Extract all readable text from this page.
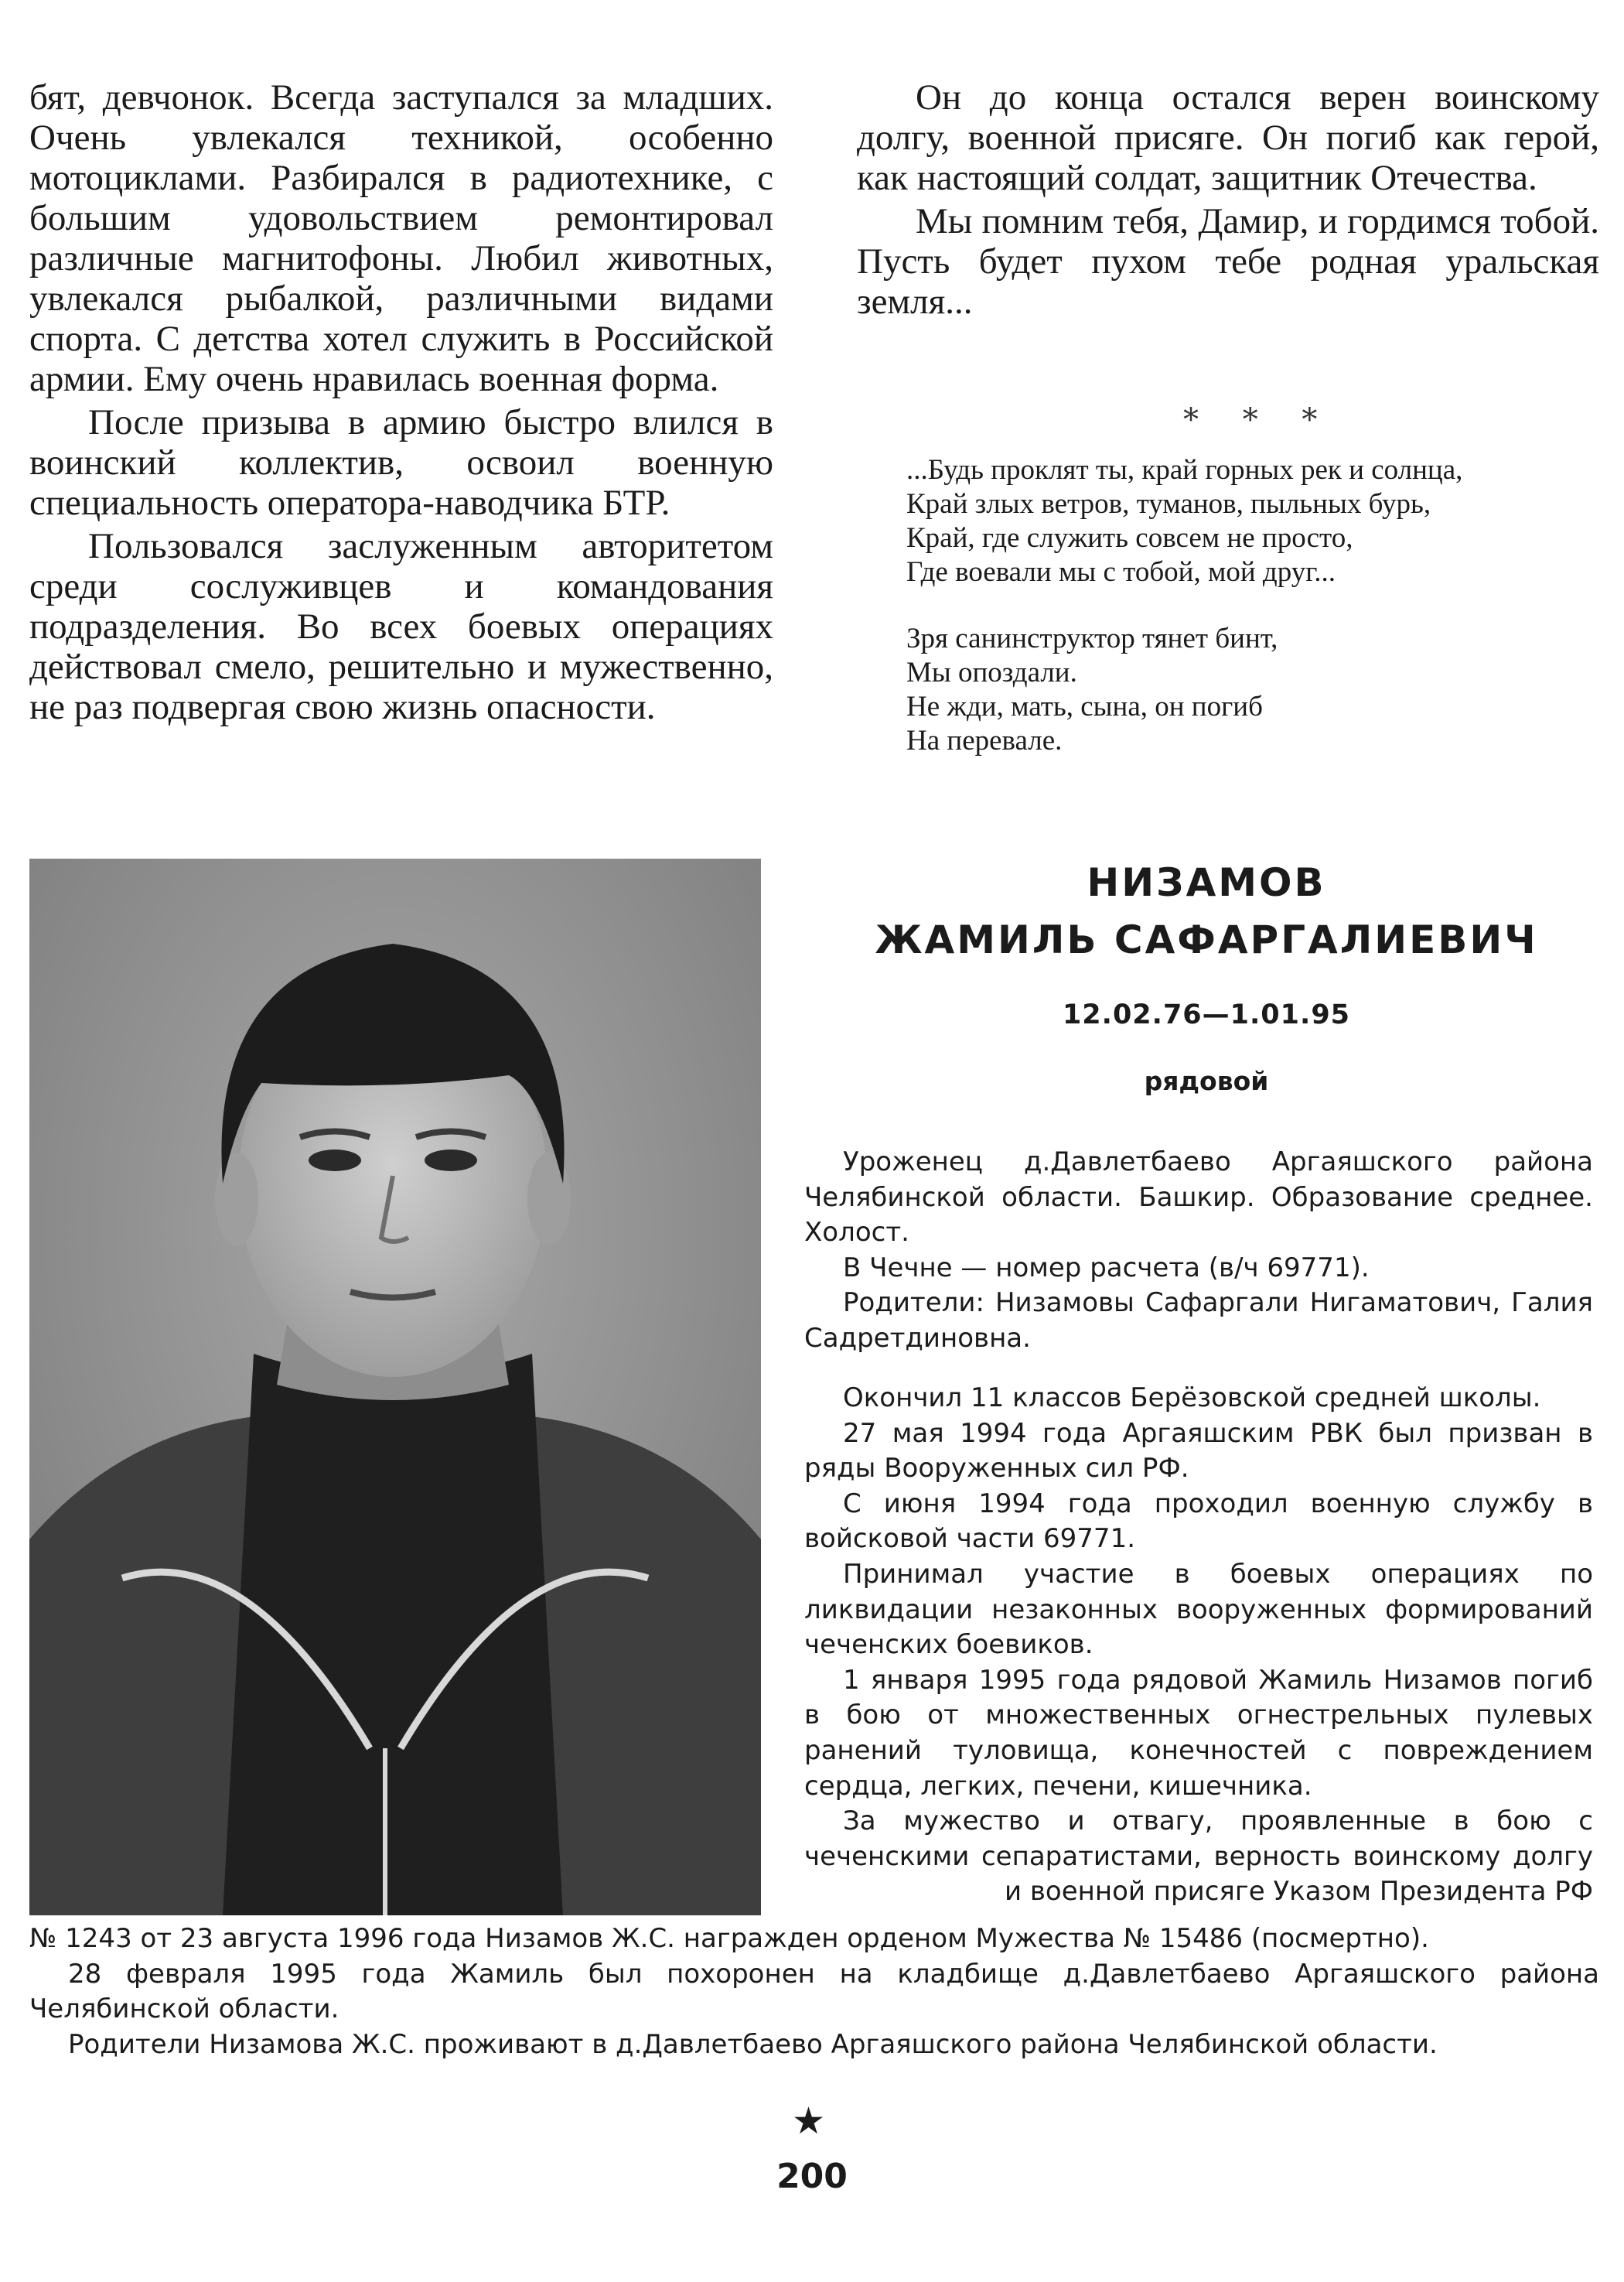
бят, девчонок. Всегда заступался за младших. Очень увлекался техникой, особенно мотоциклами. Разбирался в радиотехнике, с большим удовольствием ремонтировал различные магнитофоны. Любил животных, увлекался рыбалкой, различными видами спорта. С детства хотел служить в Российской армии. Ему очень нравилась военная форма.

После призыва в армию быстро влился в воинский коллектив, освоил военную специальность оператора-наводчика БТР.

Пользовался заслуженным авторитетом среди сослуживцев и командования подразделения. Во всех боевых операциях действовал смело, решительно и мужественно, не раз подвергая свою жизнь опасности.

Он до конца остался верен воинскому долгу, военной присяге. Он погиб как герой, как настоящий солдат, защитник Отечества.

Мы помним тебя, Дамир, и гордимся тобой. Пусть будет пухом тебе родная уральская земля...

* * *
...Будь проклят ты, край горных рек и солнца,
Край злых ветров, туманов, пыльных бурь,
Край, где служить совсем не просто,
Где воевали мы с тобой, мой друг...
Зря санинструктор тянет бинт,
Мы опоздали.
Не жди, мать, сына, он погиб
На перевале.
НИЗАМОВ
ЖАМИЛЬ САФАРГАЛИЕВИЧ
12.02.76—1.01.95
рядовой

Уроженец д.Давлетбаево Аргаяшского района Челябинской области. Башкир. Образование среднее. Холост.

В Чечне — номер расчета (в/ч 69771).

Родители: Низамовы Сафаргали Нигаматович, Галия Садретдиновна.

Окончил 11 классов Берёзовской средней школы.

27 мая 1994 года Аргаяшским РВК был призван в ряды Вооруженных сил РФ.

С июня 1994 года проходил военную службу в войсковой части 69771.

Принимал участие в боевых операциях по ликвидации незаконных вооруженных формирований чеченских боевиков.

1 января 1995 года рядовой Жамиль Низамов погиб в бою от множественных огнестрельных пулевых ранений туловища, конечностей с повреждением сердца, легких, печени, кишечника.

За мужество и отвагу, проявленные в бою с чеченскими сепаратистами, верность воинскому долгу и военной присяге Указом Президента РФ

№ 1243 от 23 августа 1996 года Низамов Ж.С. награжден орденом Мужества № 15486 (посмертно).

28 февраля 1995 года Жамиль был похоронен на кладбище д.Давлетбаево Аргаяшского района Челябинской области.

Родители Низамова Ж.С. проживают в д.Давлетбаево Аргаяшского района Челябинской области.

★
200
